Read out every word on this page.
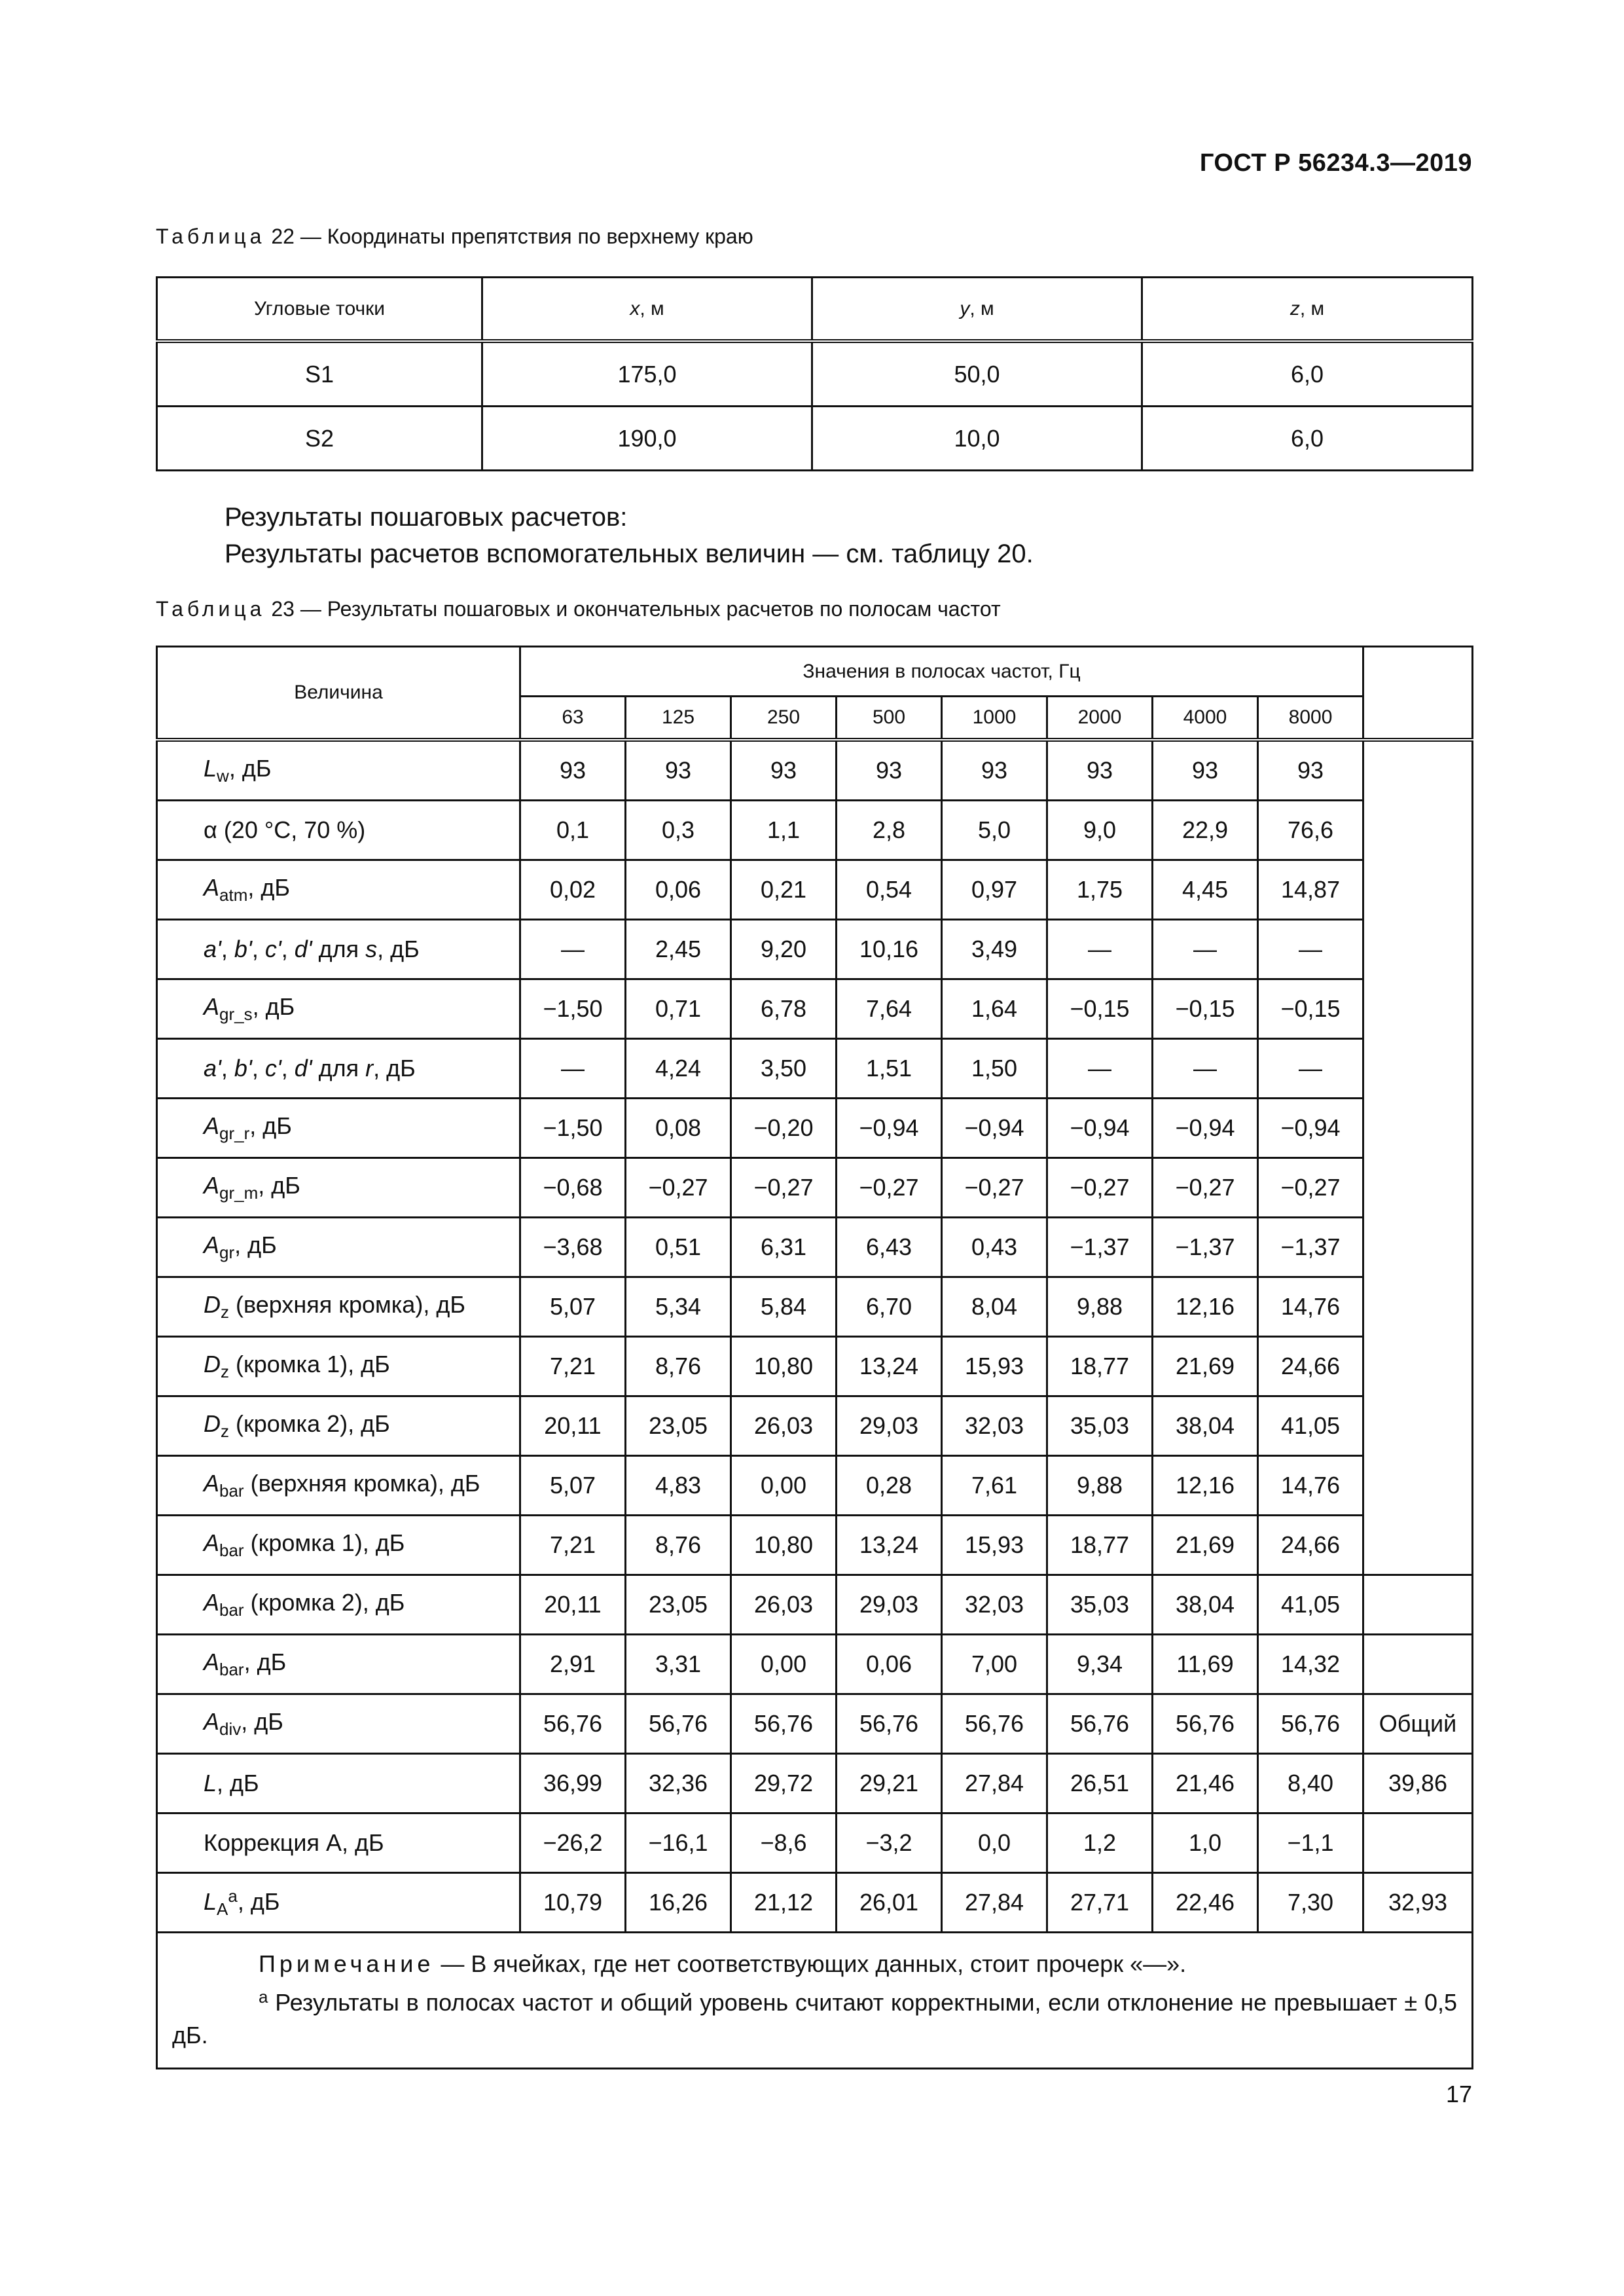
ГОСТ Р 56234.3—2019
Таблица 22 — Координаты препятствия по верхнему краю
Угловые точки	x, м	y, м	z, м
S1	175,0	50,0	6,0
S2	190,0	10,0	6,0
Результаты пошаговых расчетов:
Результаты расчетов вспомогательных величин — см. таблицу 20.
Таблица 23 — Результаты пошаговых и окончательных расчетов по полосам частот
Величина	Значения в полосах частот, Гц								
	63	125	250	500	1000	2000	4000	8000	
$L_w$, дБ	93	93	93	93	93	93	93	93	
α (20 °С, 70 %)	0,1	0,3	1,1	2,8	5,0	9,0	22,9	76,6	
$A_{atm}$, дБ	0,02	0,06	0,21	0,54	0,97	1,75	4,45	14,87	
a', b', c', d' для s, дБ	—	2,45	9,20	10,16	3,49	—	—	—	
$A_{gr\_s}$, дБ	−1,50	0,71	6,78	7,64	1,64	−0,15	−0,15	−0,15	
a', b', c', d' для r, дБ	—	4,24	3,50	1,51	1,50	—	—	—	
$A_{gr\_r}$, дБ	−1,50	0,08	−0,20	−0,94	−0,94	−0,94	−0,94	−0,94	
$A_{gr\_m}$, дБ	−0,68	−0,27	−0,27	−0,27	−0,27	−0,27	−0,27	−0,27	
$A_{gr}$, дБ	−3,68	0,51	6,31	6,43	0,43	−1,37	−1,37	−1,37	
$D_z$ (верхняя кромка), дБ	5,07	5,34	5,84	6,70	8,04	9,88	12,16	14,76	
$D_z$ (кромка 1), дБ	7,21	8,76	10,80	13,24	15,93	18,77	21,69	24,66	
$D_z$ (кромка 2), дБ	20,11	23,05	26,03	29,03	32,03	35,03	38,04	41,05	
$A_{bar}$ (верхняя кромка), дБ	5,07	4,83	0,00	0,28	7,61	9,88	12,16	14,76	
$A_{bar}$ (кромка 1), дБ	7,21	8,76	10,80	13,24	15,93	18,77	21,69	24,66	
$A_{bar}$ (кромка 2), дБ	20,11	23,05	26,03	29,03	32,03	35,03	38,04	41,05	
$A_{bar}$, дБ	2,91	3,31	0,00	0,06	7,00	9,34	11,69	14,32	
$A_{div}$, дБ	56,76	56,76	56,76	56,76	56,76	56,76	56,76	56,76	Общий
L, дБ	36,99	32,36	29,72	29,21	27,84	26,51	21,46	8,40	39,86
Коррекция А, дБ	−26,2	−16,1	−8,6	−3,2	0,0	1,2	1,0	−1,1	
$L_A^a$, дБ	10,79	16,26	21,12	26,01	27,84	27,71	22,46	7,30	32,93

Примечание — В ячейках, где нет соответствующих данных, стоит прочерк «—».
$^a$ Результаты в полосах частот и общий уровень считают корректными, если отклонение не превышает ± 0,5 дБ.									
17
